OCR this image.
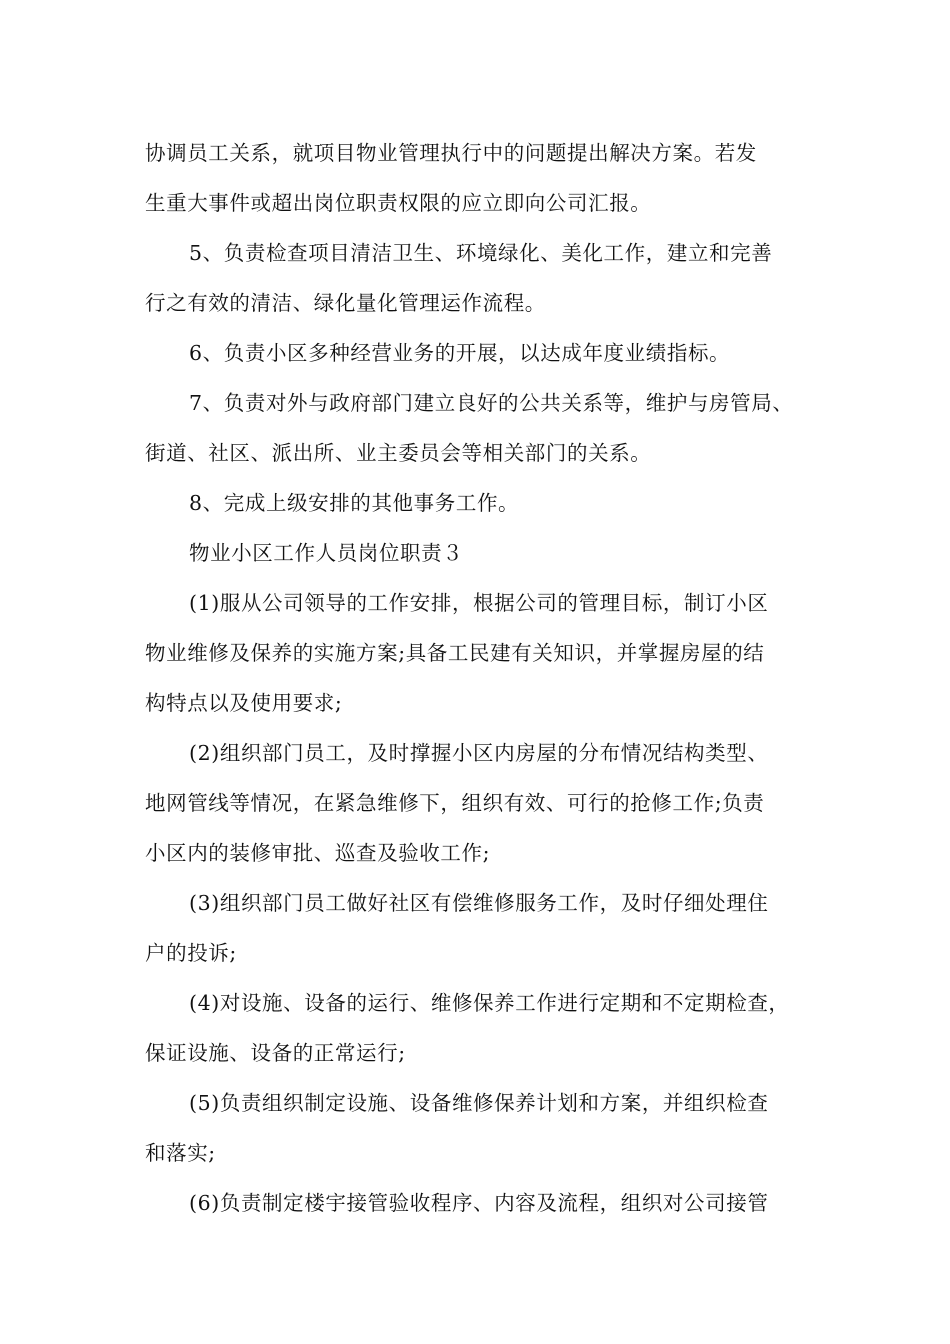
协调员工关系，就项目物业管理执行中的问题提出解决方案。若发
生重大事件或超出岗位职责权限的应立即向公司汇报。

5、负责检查项目清洁卫生、环境绿化、美化工作，建立和完善
行之有效的清洁、绿化量化管理运作流程。

6、负责小区多种经营业务的开展，以达成年度业绩指标。

7、负责对外与政府部门建立良好的公共关系等，维护与房管局、
街道、社区、派出所、业主委员会等相关部门的关系。

8、完成上级安排的其他事务工作。

物业小区工作人员岗位职责３

(1)服从公司领导的工作安排，根据公司的管理目标，制订小区
物业维修及保养的实施方案;具备工民建有关知识，并掌握房屋的结
构特点以及使用要求;

(2)组织部门员工，及时撑握小区内房屋的分布情况结构类型、
地网管线等情况，在紧急维修下，组织有效、可行的抢修工作;负责
小区内的装修审批、巡查及验收工作;

(3)组织部门员工做好社区有偿维修服务工作，及时仔细处理住
户的投诉;

(4)对设施、设备的运行、维修保养工作进行定期和不定期检查，
保证设施、设备的正常运行;

(5)负责组织制定设施、设备维修保养计划和方案，并组织检查
和落实;

(6)负责制定楼宇接管验收程序、内容及流程，组织对公司接管
